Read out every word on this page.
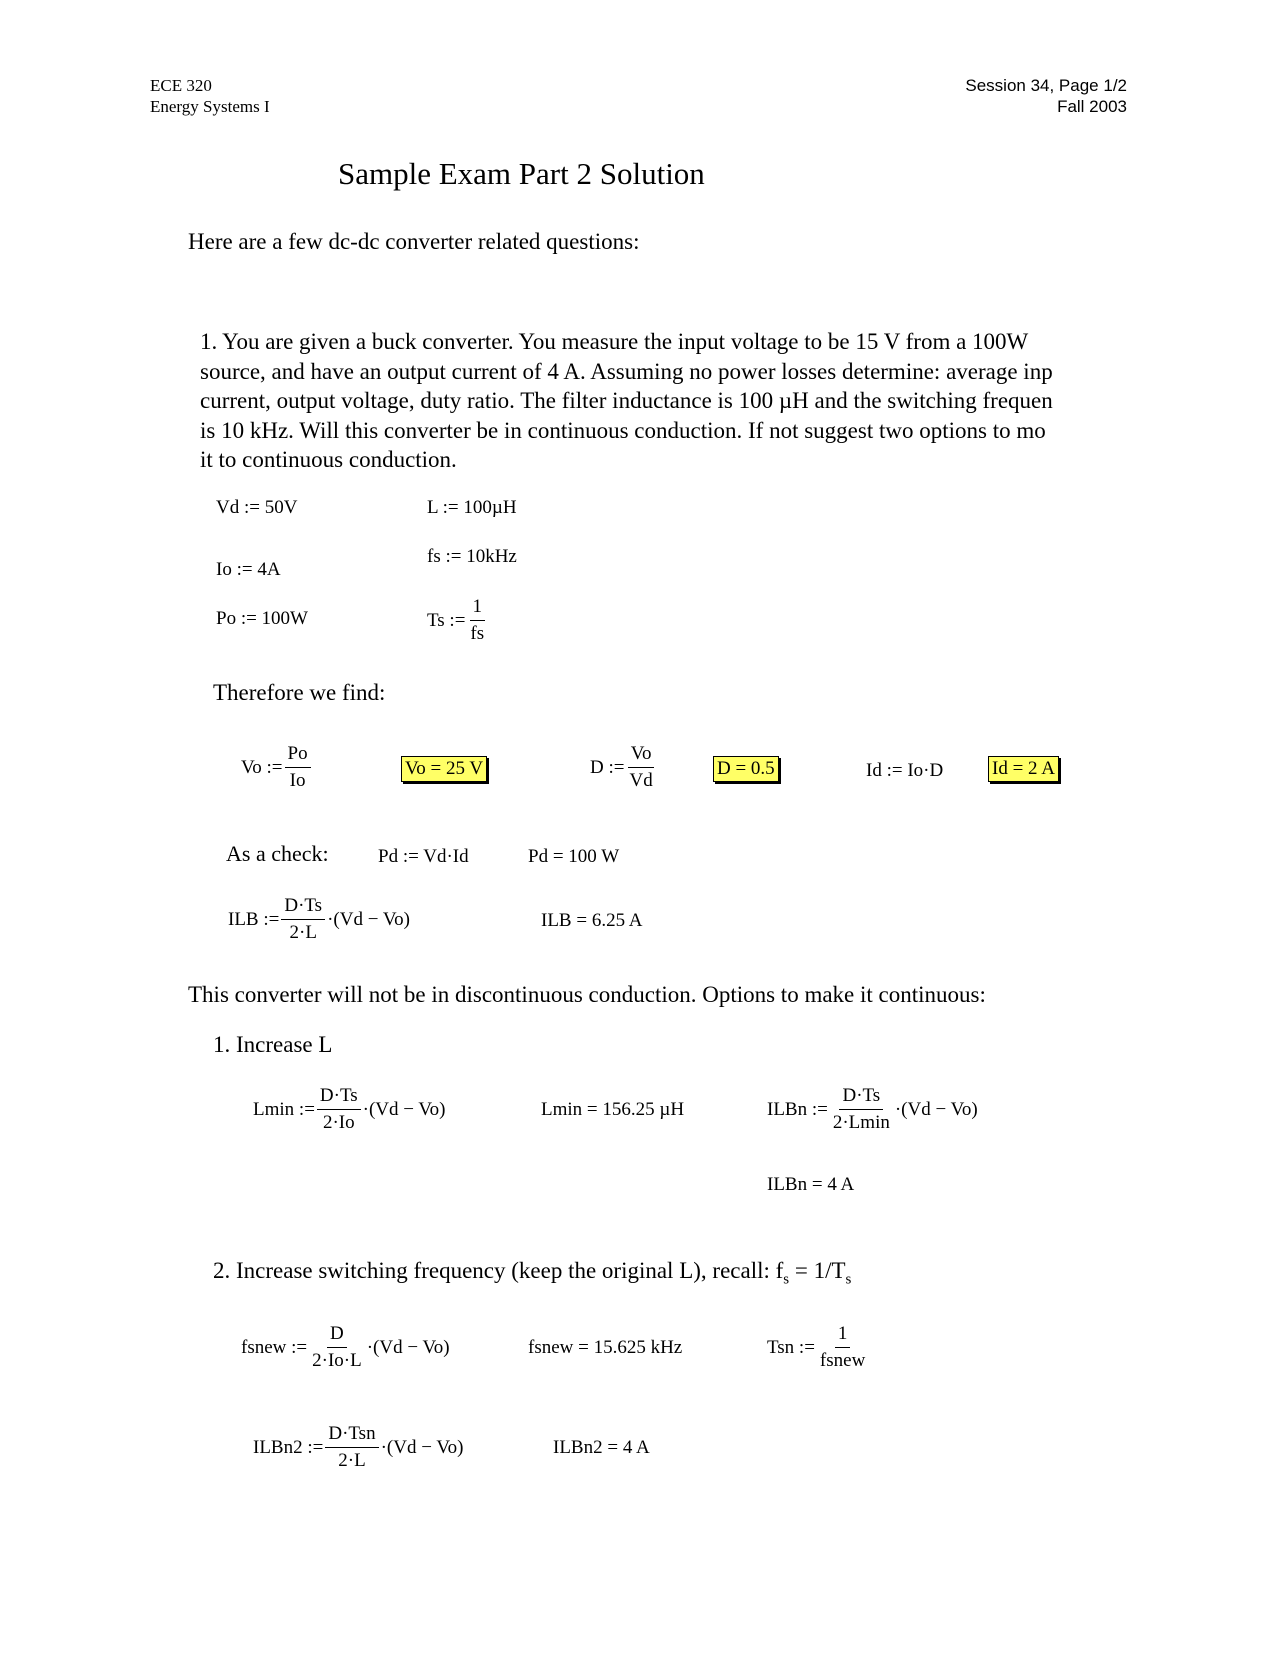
ECE 320
Energy Systems I
Session 34, Page 1/2
Fall 2003
Sample Exam Part 2 Solution
Here are a few dc-dc converter related questions:
1. You are given a buck converter. You measure the input voltage to be 15 V from a 100W
source, and have an output current of 4 A. Assuming no power losses determine: average inp
current, output voltage, duty ratio. The filter inductance is 100 µH and the switching frequen
is 10 kHz. Will this converter be in continuous conduction. If not suggest two options to mo
it to continuous conduction.
Vd := 50V
Io := 4A
Po := 100W
L := 100µH
fs := 10kHz
Ts := $\frac{1}{fs}$
Therefore we find:
Vo := $\frac{Po}{Io}$	Vo = 25 V	D := $\frac{Vo}{Vd}$	D = 0.5	Id := Io·D	Id = 2 A
As a check:	Pd := Vd·Id	Pd = 100 W
ILB := $\frac{D\cdot Ts}{2\cdot L} \cdot(Vd - Vo)$	ILB = 6.25 A
This converter will not be in discontinuous conduction. Options to make it continuous:
1. Increase L
Lmin := $\frac{D\cdot Ts}{2\cdot Io} \cdot(Vd - Vo)$	Lmin = 156.25 µH	ILBn := $\frac{D\cdot Ts}{2\cdot Lmin} \cdot(Vd - Vo)$
ILBn = 4 A
2. Increase switching frequency (keep the original L), recall: $f_s = 1/T_s$
fsnew := $\frac{D}{2\cdot Io\cdot L} \cdot(Vd - Vo)$	fsnew = 15.625 kHz	Tsn := $\frac{1}{\text{fsnew}}$
ILBn2 := $\frac{\text{D·Tsn}}{2\cdot L} \cdot(Vd - Vo)$	ILBn2 = 4 A
